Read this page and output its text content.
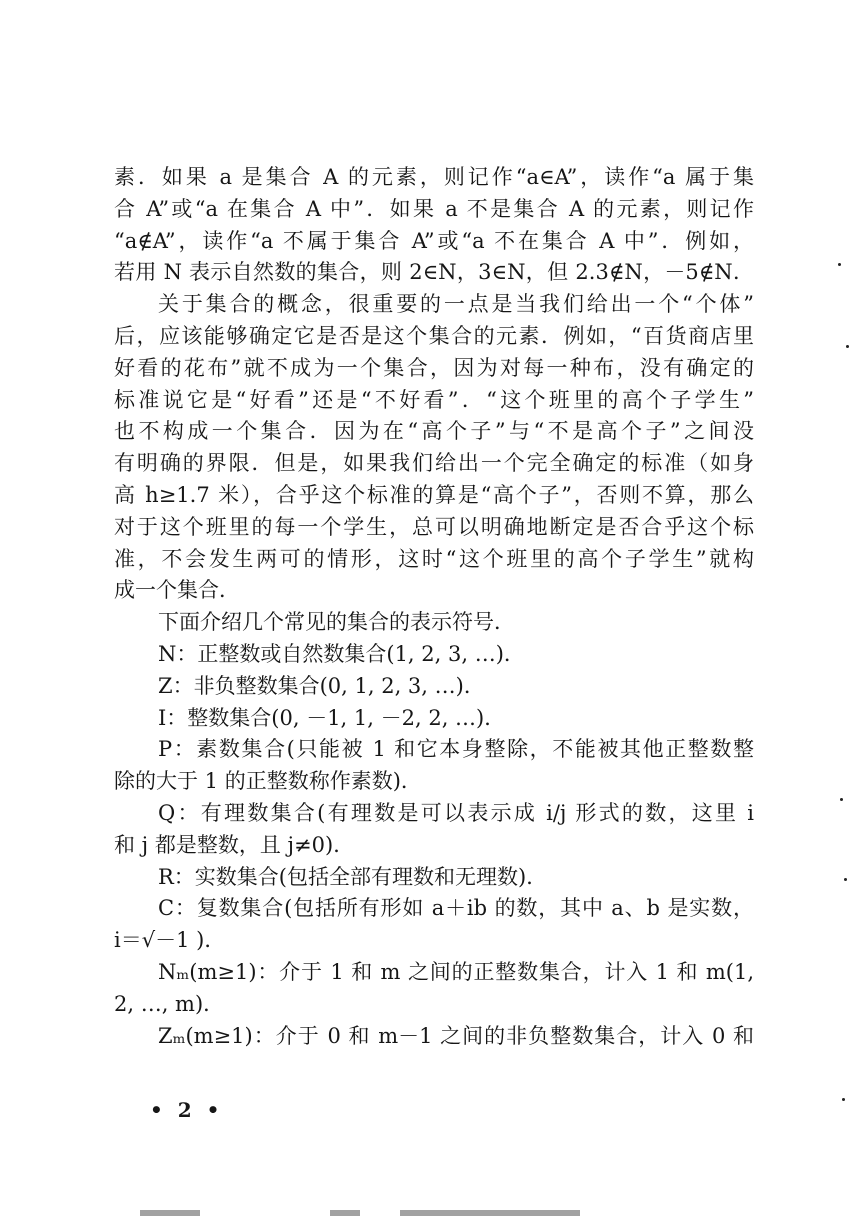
素．如果 a 是集合 A 的元素，则记作“a∈A”，读作“a 属于集
合 A”或“a 在集合 A 中”．如果 a 不是集合 A 的元素，则记作
“a∉A”，读作“a 不属于集合 A”或“a 不在集合 A 中”．例如，
若用 N 表示自然数的集合，则 2∈N，3∈N，但 2.3∉N，－5∉N．
关于集合的概念，很重要的一点是当我们给出一个“个体”
后，应该能够确定它是否是这个集合的元素．例如，“百货商店里
好看的花布”就不成为一个集合，因为对每一种布，没有确定的
标准说它是“好看”还是“不好看”．“这个班里的高个子学生”
也不构成一个集合．因为在“高个子”与“不是高个子”之间没
有明确的界限．但是，如果我们给出一个完全确定的标准（如身
高 h≥1.7 米），合乎这个标准的算是“高个子”，否则不算，那么
对于这个班里的每一个学生，总可以明确地断定是否合乎这个标
准，不会发生两可的情形，这时“这个班里的高个子学生”就构
成一个集合．
下面介绍几个常见的集合的表示符号．
N：正整数或自然数集合(1, 2, 3, …)．
Z：非负整数集合(0, 1, 2, 3, …)．
I：整数集合(0, －1, 1, －2, 2, …)．
P：素数集合(只能被 1 和它本身整除，不能被其他正整数整
除的大于 1 的正整数称作素数)．
Q：有理数集合(有理数是可以表示成 i/j 形式的数，这里 i
和 j 都是整数，且 j≠0)．
R：实数集合(包括全部有理数和无理数)．
C：复数集合(包括所有形如 a＋ib 的数，其中 a、b 是实数，
i＝√－1 )．
Nₘ(m≥1)：介于 1 和 m 之间的正整数集合，计入 1 和 m(1,
2, …, m)．
Zₘ(m≥1)：介于 0 和 m－1 之间的非负整数集合，计入 0 和
• 2 •
